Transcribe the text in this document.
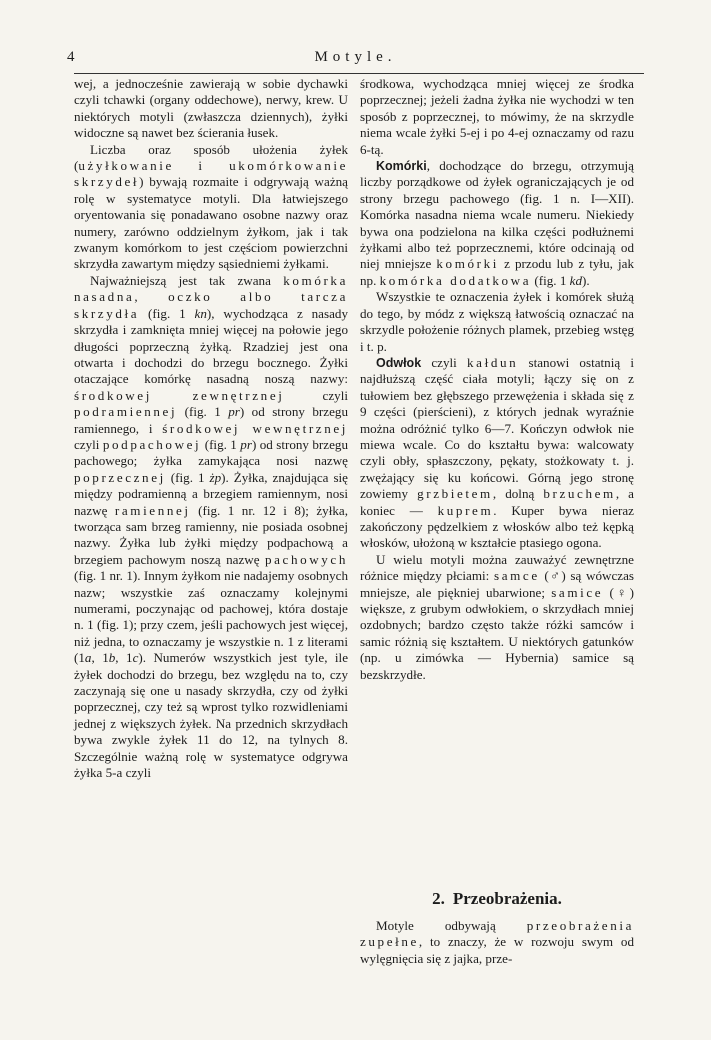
4	Motyle.

wej, a jednocześnie zawierają w sobie dychawki czyli tchawki (organy oddechowe), nerwy, krew. U niektórych motyli (zwłaszcza dziennych), żyłki widoczne są nawet bez ścierania łusek.

Liczba oraz sposób ułożenia żyłek (użyłkowanie i ukomórkowanie skrzydeł) bywają rozmaite i odgrywają ważną rolę w systematyce motyli. Dla łatwiejszego oryentowania się ponadawano osobne nazwy oraz numery, zarówno oddzielnym żyłkom, jak i tak zwanym komórkom to jest częściom powierzchni skrzydła zawartym między sąsiedniemi żyłkami.

Najważniejszą jest tak zwana komórka nasadna, oczko albo tarcza skrzydła (fig. 1 kn), wychodząca z nasady skrzydła i zamknięta mniej więcej na połowie jego długości poprzeczną żyłką. Rzadziej jest ona otwarta i dochodzi do brzegu bocznego. Żyłki otaczające komórkę nasadną noszą nazwy: środkowej zewnętrznej czyli podramiennej (fig. 1 pr) od strony brzegu ramiennego, i środkowej wewnętrznej czyli podpachowej (fig. 1 pr) od strony brzegu pachowego; żyłka zamykająca nosi nazwę poprzecznej (fig. 1 żp). Żyłka, znajdująca się między podramienną a brzegiem ramiennym, nosi nazwę ramiennej (fig. 1 nr. 12 i 8); żyłka, tworząca sam brzeg ramienny, nie posiada osobnej nazwy. Żyłka lub żyłki między podpachową a brzegiem pachowym noszą nazwę pachowych (fig. 1 nr. 1). Innym żyłkom nie nadajemy osobnych nazw; wszystkie zaś oznaczamy kolejnymi numerami, poczynając od pachowej, która dostaje n. 1 (fig. 1); przy czem, jeśli pachowych jest więcej, niż jedna, to oznaczamy je wszystkie n. 1 z literami (1a, 1b, 1c). Numerów wszystkich jest tyle, ile żyłek dochodzi do brzegu, bez względu na to, czy zaczynają się one u nasady skrzydła, czy od żyłki poprzecznej, czy też są wprost tylko rozwidleniami jednej z większych żyłek. Na przednich skrzydłach bywa zwykle żyłek 11 do 12, na tylnych 8. Szczególnie ważną rolę w systematyce odgrywa żyłka 5-a czyli

środkowa, wychodząca mniej więcej ze środka poprzecznej; jeżeli żadna żyłka nie wychodzi w ten sposób z poprzecznej, to mówimy, że na skrzydle niema wcale żyłki 5-ej i po 4-ej oznaczamy od razu 6-tą.

Komórki, dochodzące do brzegu, otrzymują liczby porządkowe od żyłek ograniczających je od strony brzegu pachowego (fig. 1 n. I—XII). Komórka nasadna niema wcale numeru. Niekiedy bywa ona podzielona na kilka części podłużnemi żyłkami albo też poprzecznemi, które odcinają od niej mniejsze komórki z przodu lub z tyłu, jak np. komórka dodatkowa (fig. 1 kd).

Wszystkie te oznaczenia żyłek i komórek służą do tego, by módz z większą łatwością oznaczać na skrzydle położenie różnych plamek, przebieg wstęg i t. p.

Odwłok czyli kałdun stanowi ostatnią i najdłuższą część ciała motyli; łączy się on z tułowiem bez głębszego przewężenia i składa się z 9 części (pierścieni), z których jednak wyraźnie można odróżnić tylko 6—7. Kończyn odwłok nie miewa wcale. Co do kształtu bywa: walcowaty czyli obły, spłaszczony, pękaty, stożkowaty t. j. zwężający się ku końcowi. Górną jego stronę zowiemy grzbietem, dolną brzuchem, a koniec — kuprem. Kuper bywa nieraz zakończony pędzelkiem z włosków albo też kępką włosków, ułożoną w kształcie ptasiego ogona.

U wielu motyli można zauważyć zewnętrzne różnice między płciami: samce (♂) są wówczas mniejsze, ale piękniej ubarwione; samice (♀) większe, z grubym odwłokiem, o skrzydłach mniej ozdobnych; bardzo często także różki samców i samic różnią się kształtem. U niektórych gatunków (np. u zimówka — Hybernia) samice są bezskrzydłe.

2. Przeobrażenia.

Motyle odbywają przeobrażenia zupełne, to znaczy, że w rozwoju swym od wylęgnięcia się z jajka, prze-
